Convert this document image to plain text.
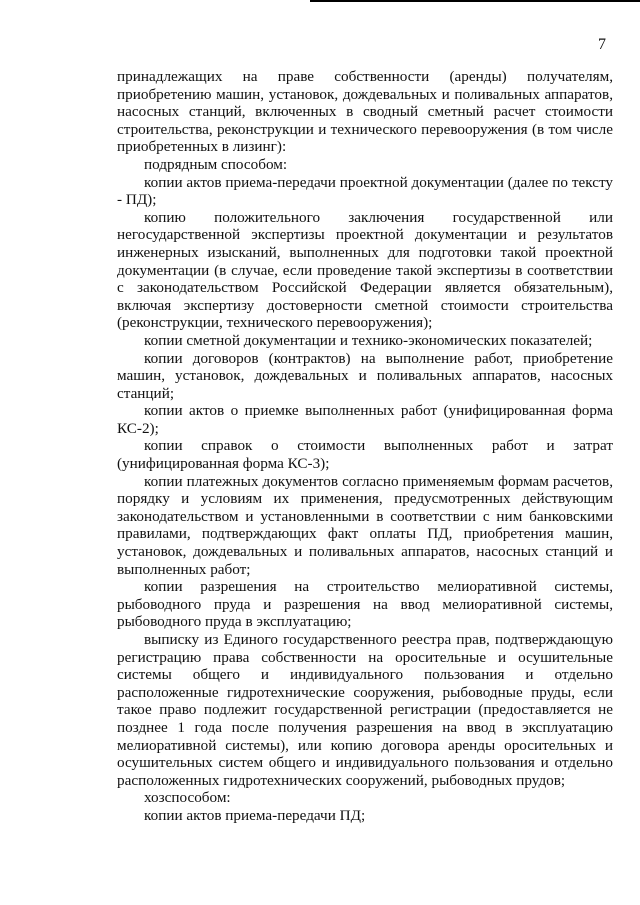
7

принадлежащих на праве собственности (аренды) получателям, приобретению машин, установок, дождевальных и поливальных аппаратов, насосных станций, включенных в сводный сметный расчет стоимости строительства, реконструкции и технического перевооружения (в том числе приобретенных в лизинг):

подрядным способом:

копии актов приема-передачи проектной документации (далее по тексту - ПД);

копию положительного заключения государственной или негосударственной экспертизы проектной документации и результатов инженерных изысканий, выполненных для подготовки такой проектной документации (в случае, если проведение такой экспертизы в соответствии с законодательством Российской Федерации является обязательным), включая экспертизу достоверности сметной стоимости строительства (реконструкции, технического перевооружения);

копии сметной документации и технико-экономических показателей;

копии договоров (контрактов) на выполнение работ, приобретение машин, установок, дождевальных и поливальных аппаратов, насосных станций;

копии актов о приемке выполненных работ (унифицированная форма КС-2);

копии справок о стоимости выполненных работ и затрат (унифицированная форма КС-3);

копии платежных документов согласно применяемым формам расчетов, порядку и условиям их применения, предусмотренных действующим законодательством и установленными в соответствии с ним банковскими правилами, подтверждающих факт оплаты ПД, приобретения машин, установок, дождевальных и поливальных аппаратов, насосных станций и выполненных работ;

копии разрешения на строительство мелиоративной системы, рыбоводного пруда и разрешения на ввод мелиоративной системы, рыбоводного пруда в эксплуатацию;

выписку из Единого государственного реестра прав, подтверждающую регистрацию права собственности на оросительные и осушительные системы общего и индивидуального пользования и отдельно расположенные гидротехнические сооружения, рыбоводные пруды, если такое право подлежит государственной регистрации (предоставляется не позднее 1 года после получения разрешения на ввод в эксплуатацию мелиоративной системы), или копию договора аренды оросительных и осушительных систем общего и индивидуального пользования и отдельно расположенных гидротехнических сооружений, рыбоводных прудов;

хозспособом:

копии актов приема-передачи ПД;
